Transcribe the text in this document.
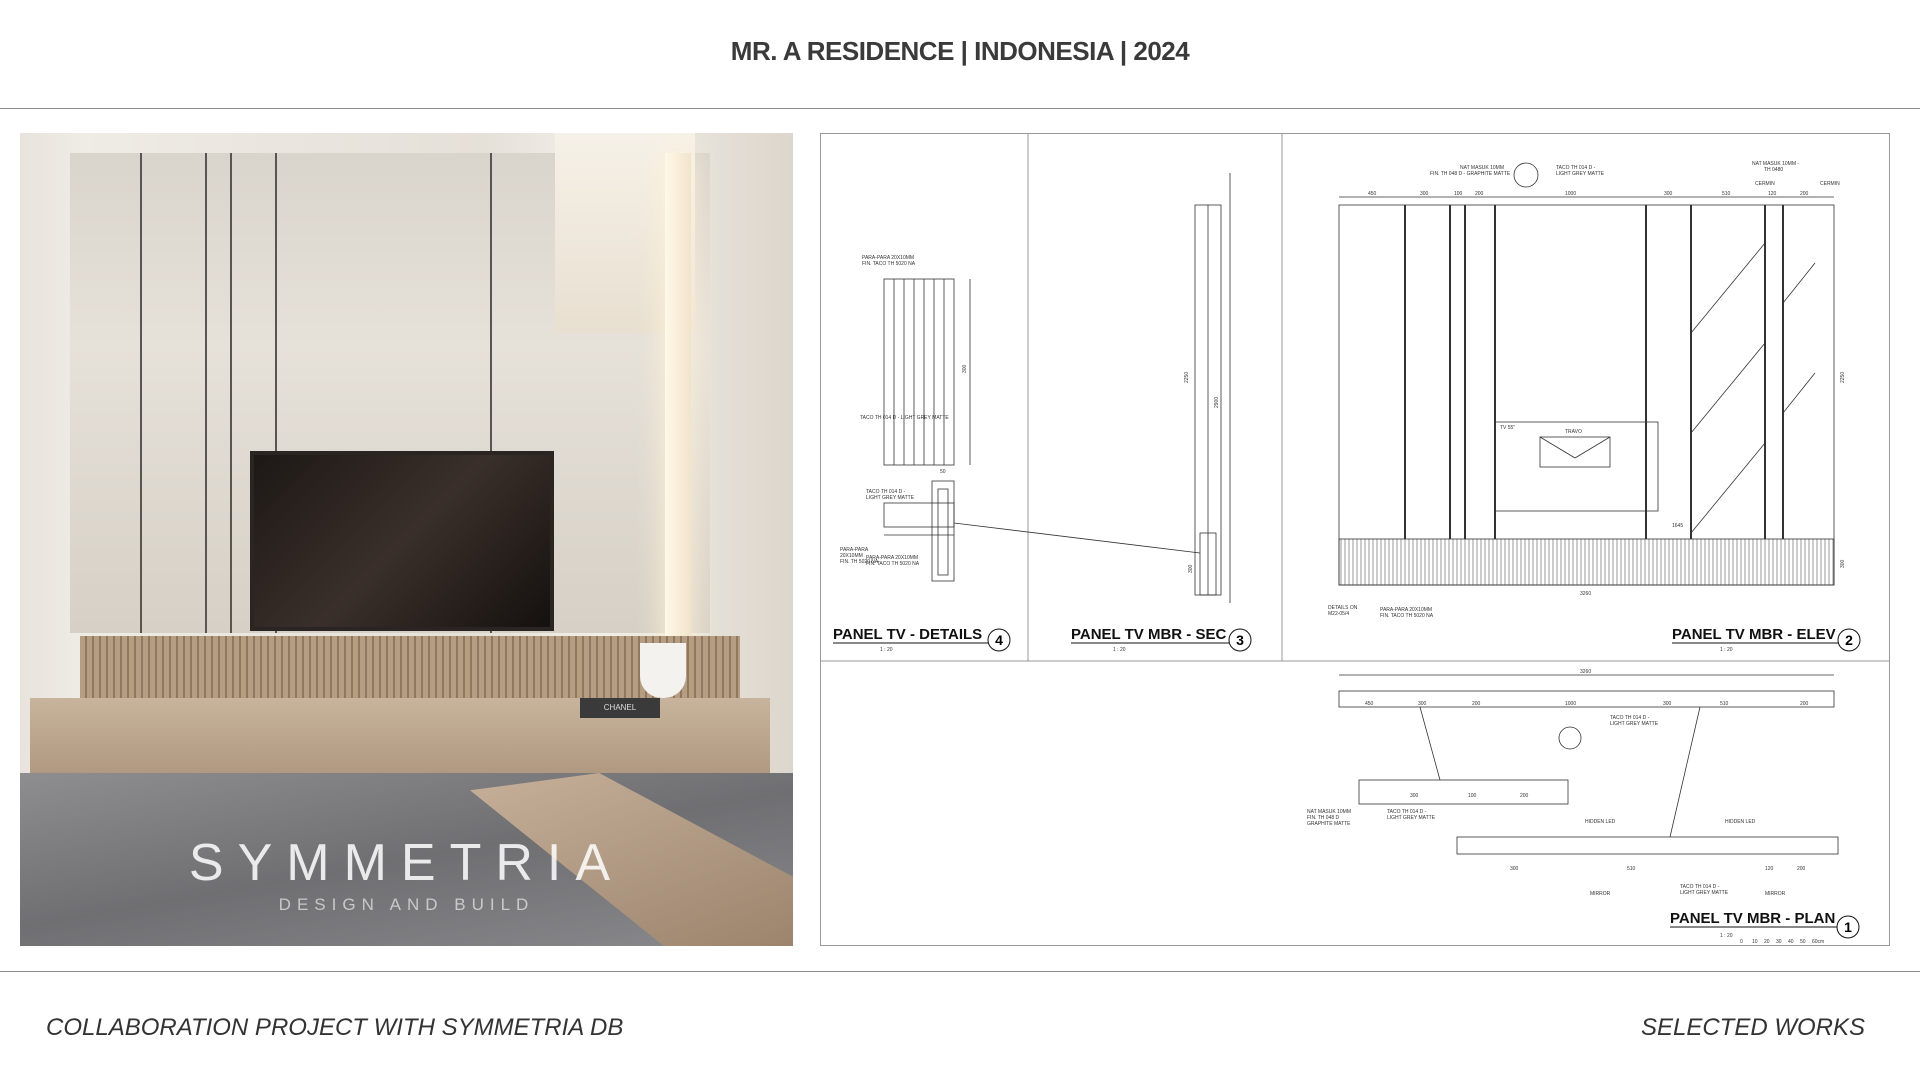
MR. A RESIDENCE | INDONESIA | 2024
CHANEL
SYMMETRIA
DESIGN AND BUILD
PARA-PARA 20X10MM
FIN. TACO TH 5020 NA
TACO TH 014 D -
LIGHT GREY MATTE
PARA-PARA 20X10MM
FIN. TACO TH 5020 NA
300
PANEL TV - DETAILS 4
1 : 20
TACO TH 014 D - LIGHT GREY MATTE
PARA-PARA
20X10MM
FIN. TH 5020 NA
2250
2900
300
50
PANEL TV MBR - SEC 3
1 : 20
NAT MASUK 10MM
FIN. TH 048 D - GRAPHITE MATTE
TACO TH 014 D -
LIGHT GREY MATTE
NAT MASUK 10MM -
TH 0480
CERMIN	CERMIN
DETAILS ON
M22-05/4
PARA-PARA 20X10MM
FIN. TACO TH 5020 NA
TRAVO
TV 55"
450	300	100	200	1000	300	510	120	200
3260
1645
2250
300
PANEL TV MBR - ELEV 2
1 : 20
TACO TH 014 D -
LIGHT GREY MATTE
NAT MASUK 10MM
FIN. TH 048 D
GRAPHITE MATTE
TACO TH 014 D -
LIGHT GREY MATTE
HIDDEN LED	HIDDEN LED
MIRROR
TACO TH 014 D -
LIGHT GREY MATTE	MIRROR
3260
450	300	200	1000	300	510	200
300	100	200
300	510	120	200
PANEL TV MBR - PLAN 1
1 : 20
0 10 20 30 40 50 60cm
COLLABORATION PROJECT WITH SYMMETRIA DB	SELECTED WORKS
